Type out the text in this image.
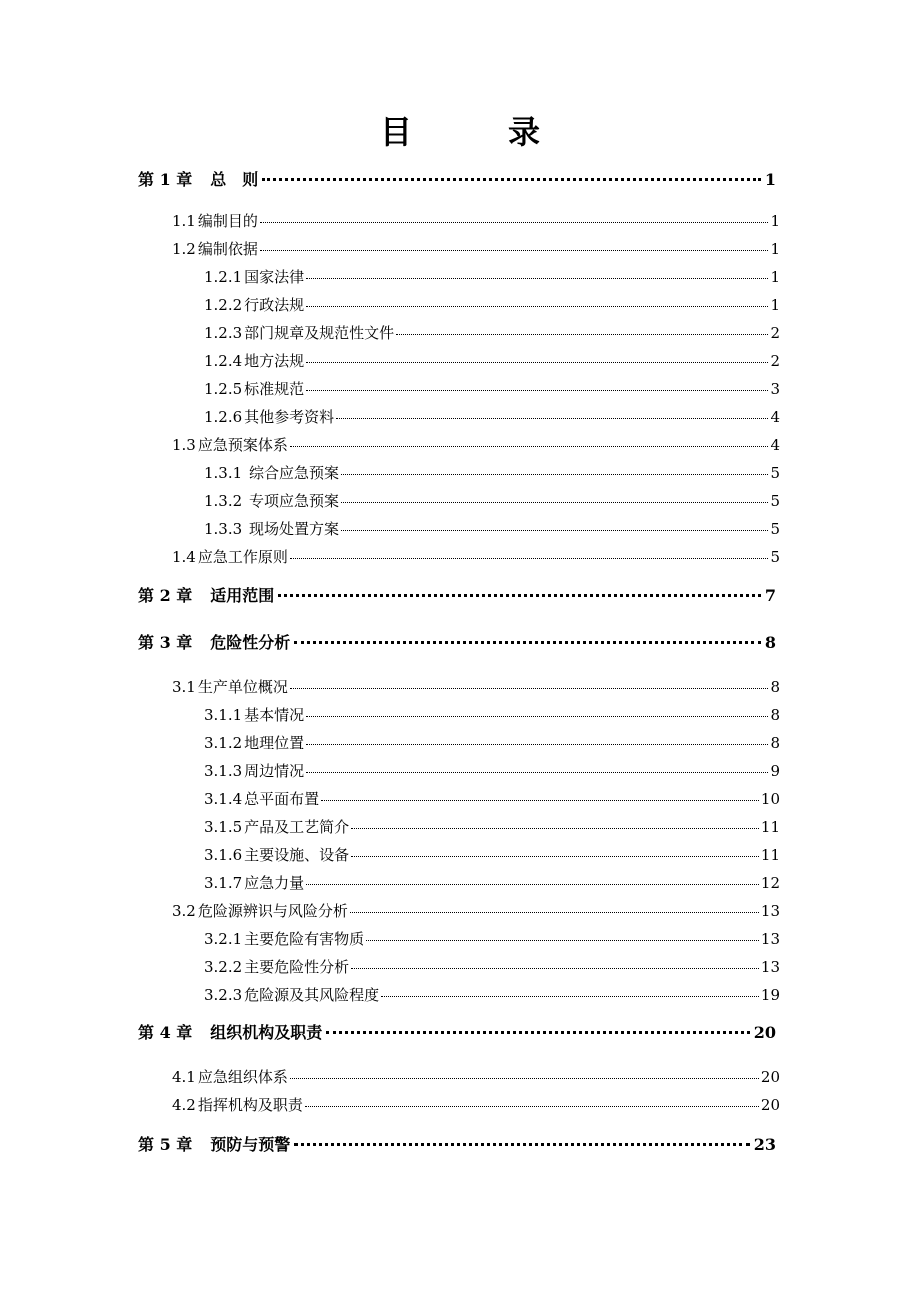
目　录
第 1 章 总　则	1
1.1 编制目的	1
1.2 编制依据	1
1.2.1 国家法律	1
1.2.2 行政法规	1
1.2.3 部门规章及规范性文件	2
1.2.4 地方法规	2
1.2.5 标准规范	3
1.2.6 其他参考资料	4
1.3 应急预案体系	4
1.3.1 综合应急预案	5
1.3.2 专项应急预案	5
1.3.3 现场处置方案	5
1.4 应急工作原则	5
第 2 章 适用范围	7
第 3 章 危险性分析	8
3.1 生产单位概况	8
3.1.1 基本情况	8
3.1.2 地理位置	8
3.1.3 周边情况	9
3.1.4 总平面布置	10
3.1.5 产品及工艺简介	11
3.1.6 主要设施、设备	11
3.1.7 应急力量	12
3.2 危险源辨识与风险分析	13
3.2.1 主要危险有害物质	13
3.2.2 主要危险性分析	13
3.2.3 危险源及其风险程度	19
第 4 章 组织机构及职责	20
4.1 应急组织体系	20
4.2 指挥机构及职责	20
第 5 章 预防与预警	23
